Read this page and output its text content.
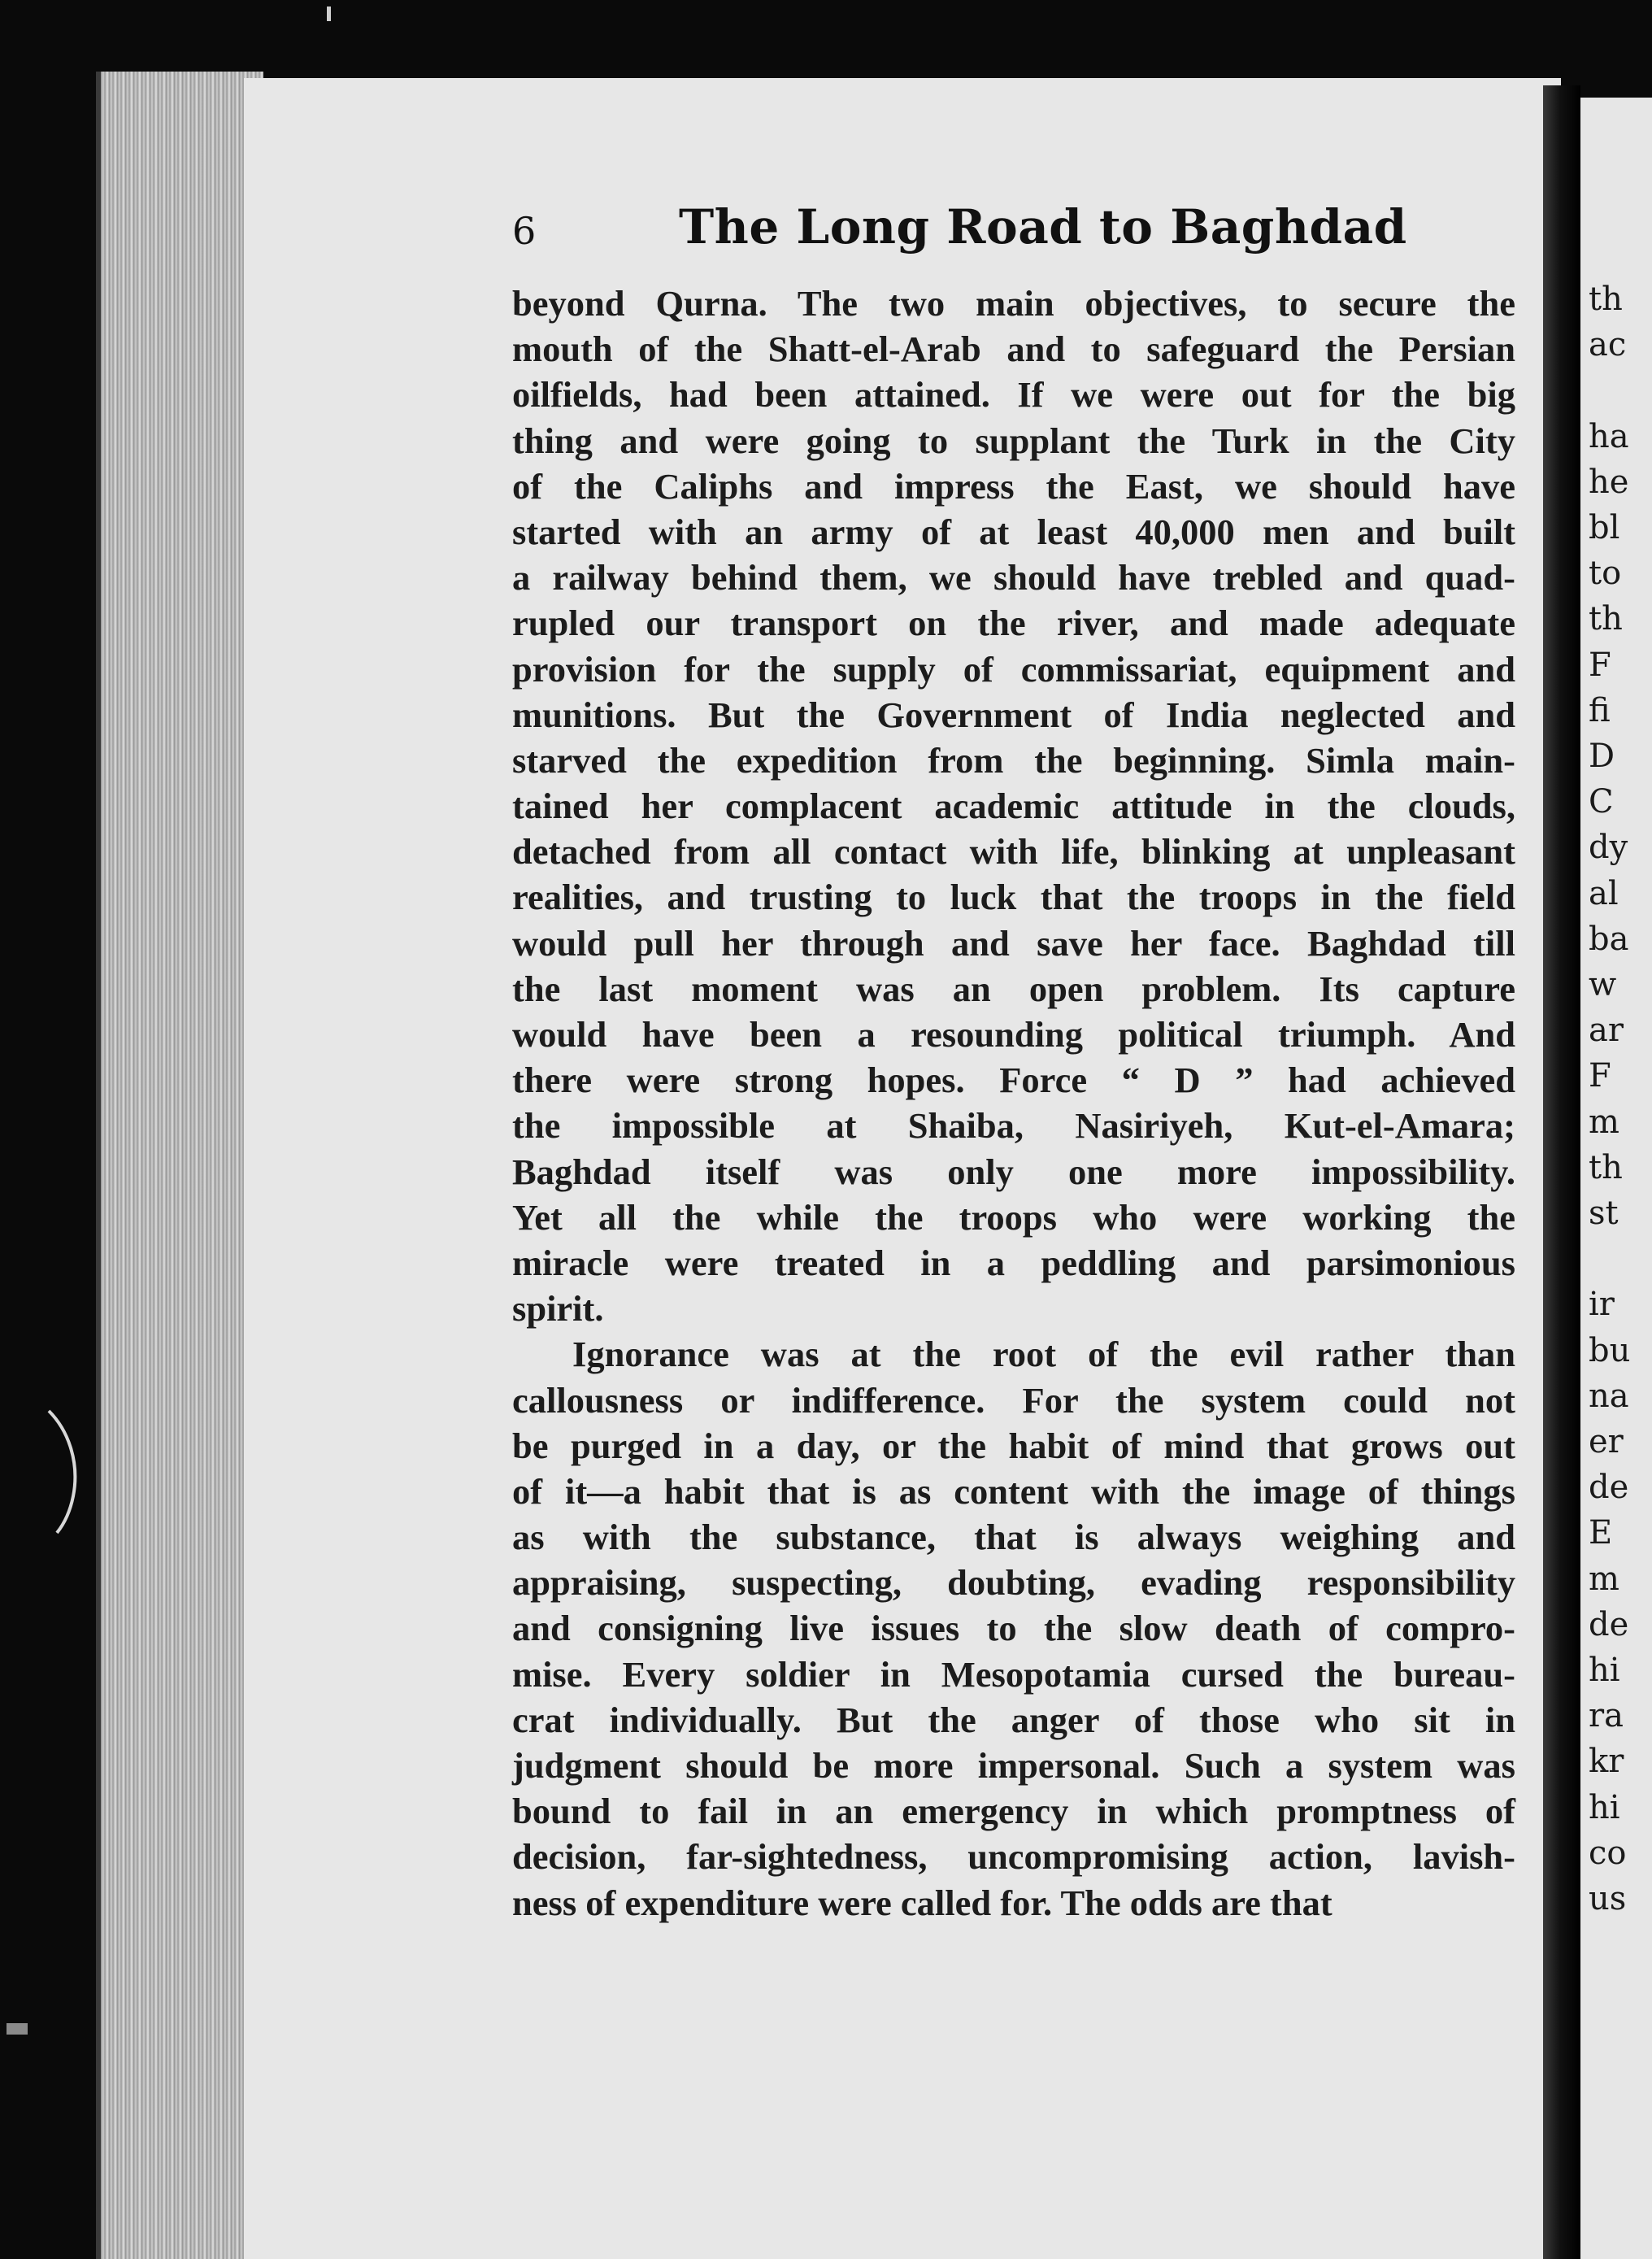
th
ac
ha
he
bl
to
th
F
fi
D
C
dy
al
ba
w
ar
F
m
th
st
ir
bu
na
er
de
E
m
de
hi
ra
kr
hi
co
us
6	The Long Road to Baghdad
beyond Qurna. The two main objectives, to secure the
mouth of the Shatt-el-Arab and to safeguard the Persian
oilfields, had been attained. If we were out for the big
thing and were going to supplant the Turk in the City
of the Caliphs and impress the East, we should have
started with an army of at least 40,000 men and built
a railway behind them, we should have trebled and quad-
rupled our transport on the river, and made adequate
provision for the supply of commissariat, equipment and
munitions. But the Government of India neglected and
starved the expedition from the beginning. Simla main-
tained her complacent academic attitude in the clouds,
detached from all contact with life, blinking at unpleasant
realities, and trusting to luck that the troops in the field
would pull her through and save her face. Baghdad till
the last moment was an open problem. Its capture
would have been a resounding political triumph. And
there were strong hopes. Force “ D ” had achieved
the impossible at Shaiba, Nasiriyeh, Kut-el-Amara;
Baghdad itself was only one more impossibility.
Yet all the while the troops who were working the
miracle were treated in a peddling and parsimonious
spirit.
Ignorance was at the root of the evil rather than
callousness or indifference. For the system could not
be purged in a day, or the habit of mind that grows out
of it—a habit that is as content with the image of things
as with the substance, that is always weighing and
appraising, suspecting, doubting, evading responsibility
and consigning live issues to the slow death of compro-
mise. Every soldier in Mesopotamia cursed the bureau-
crat individually. But the anger of those who sit in
judgment should be more impersonal. Such a system was
bound to fail in an emergency in which promptness of
decision, far-sightedness, uncompromising action, lavish-
ness of expenditure were called for. The odds are that
